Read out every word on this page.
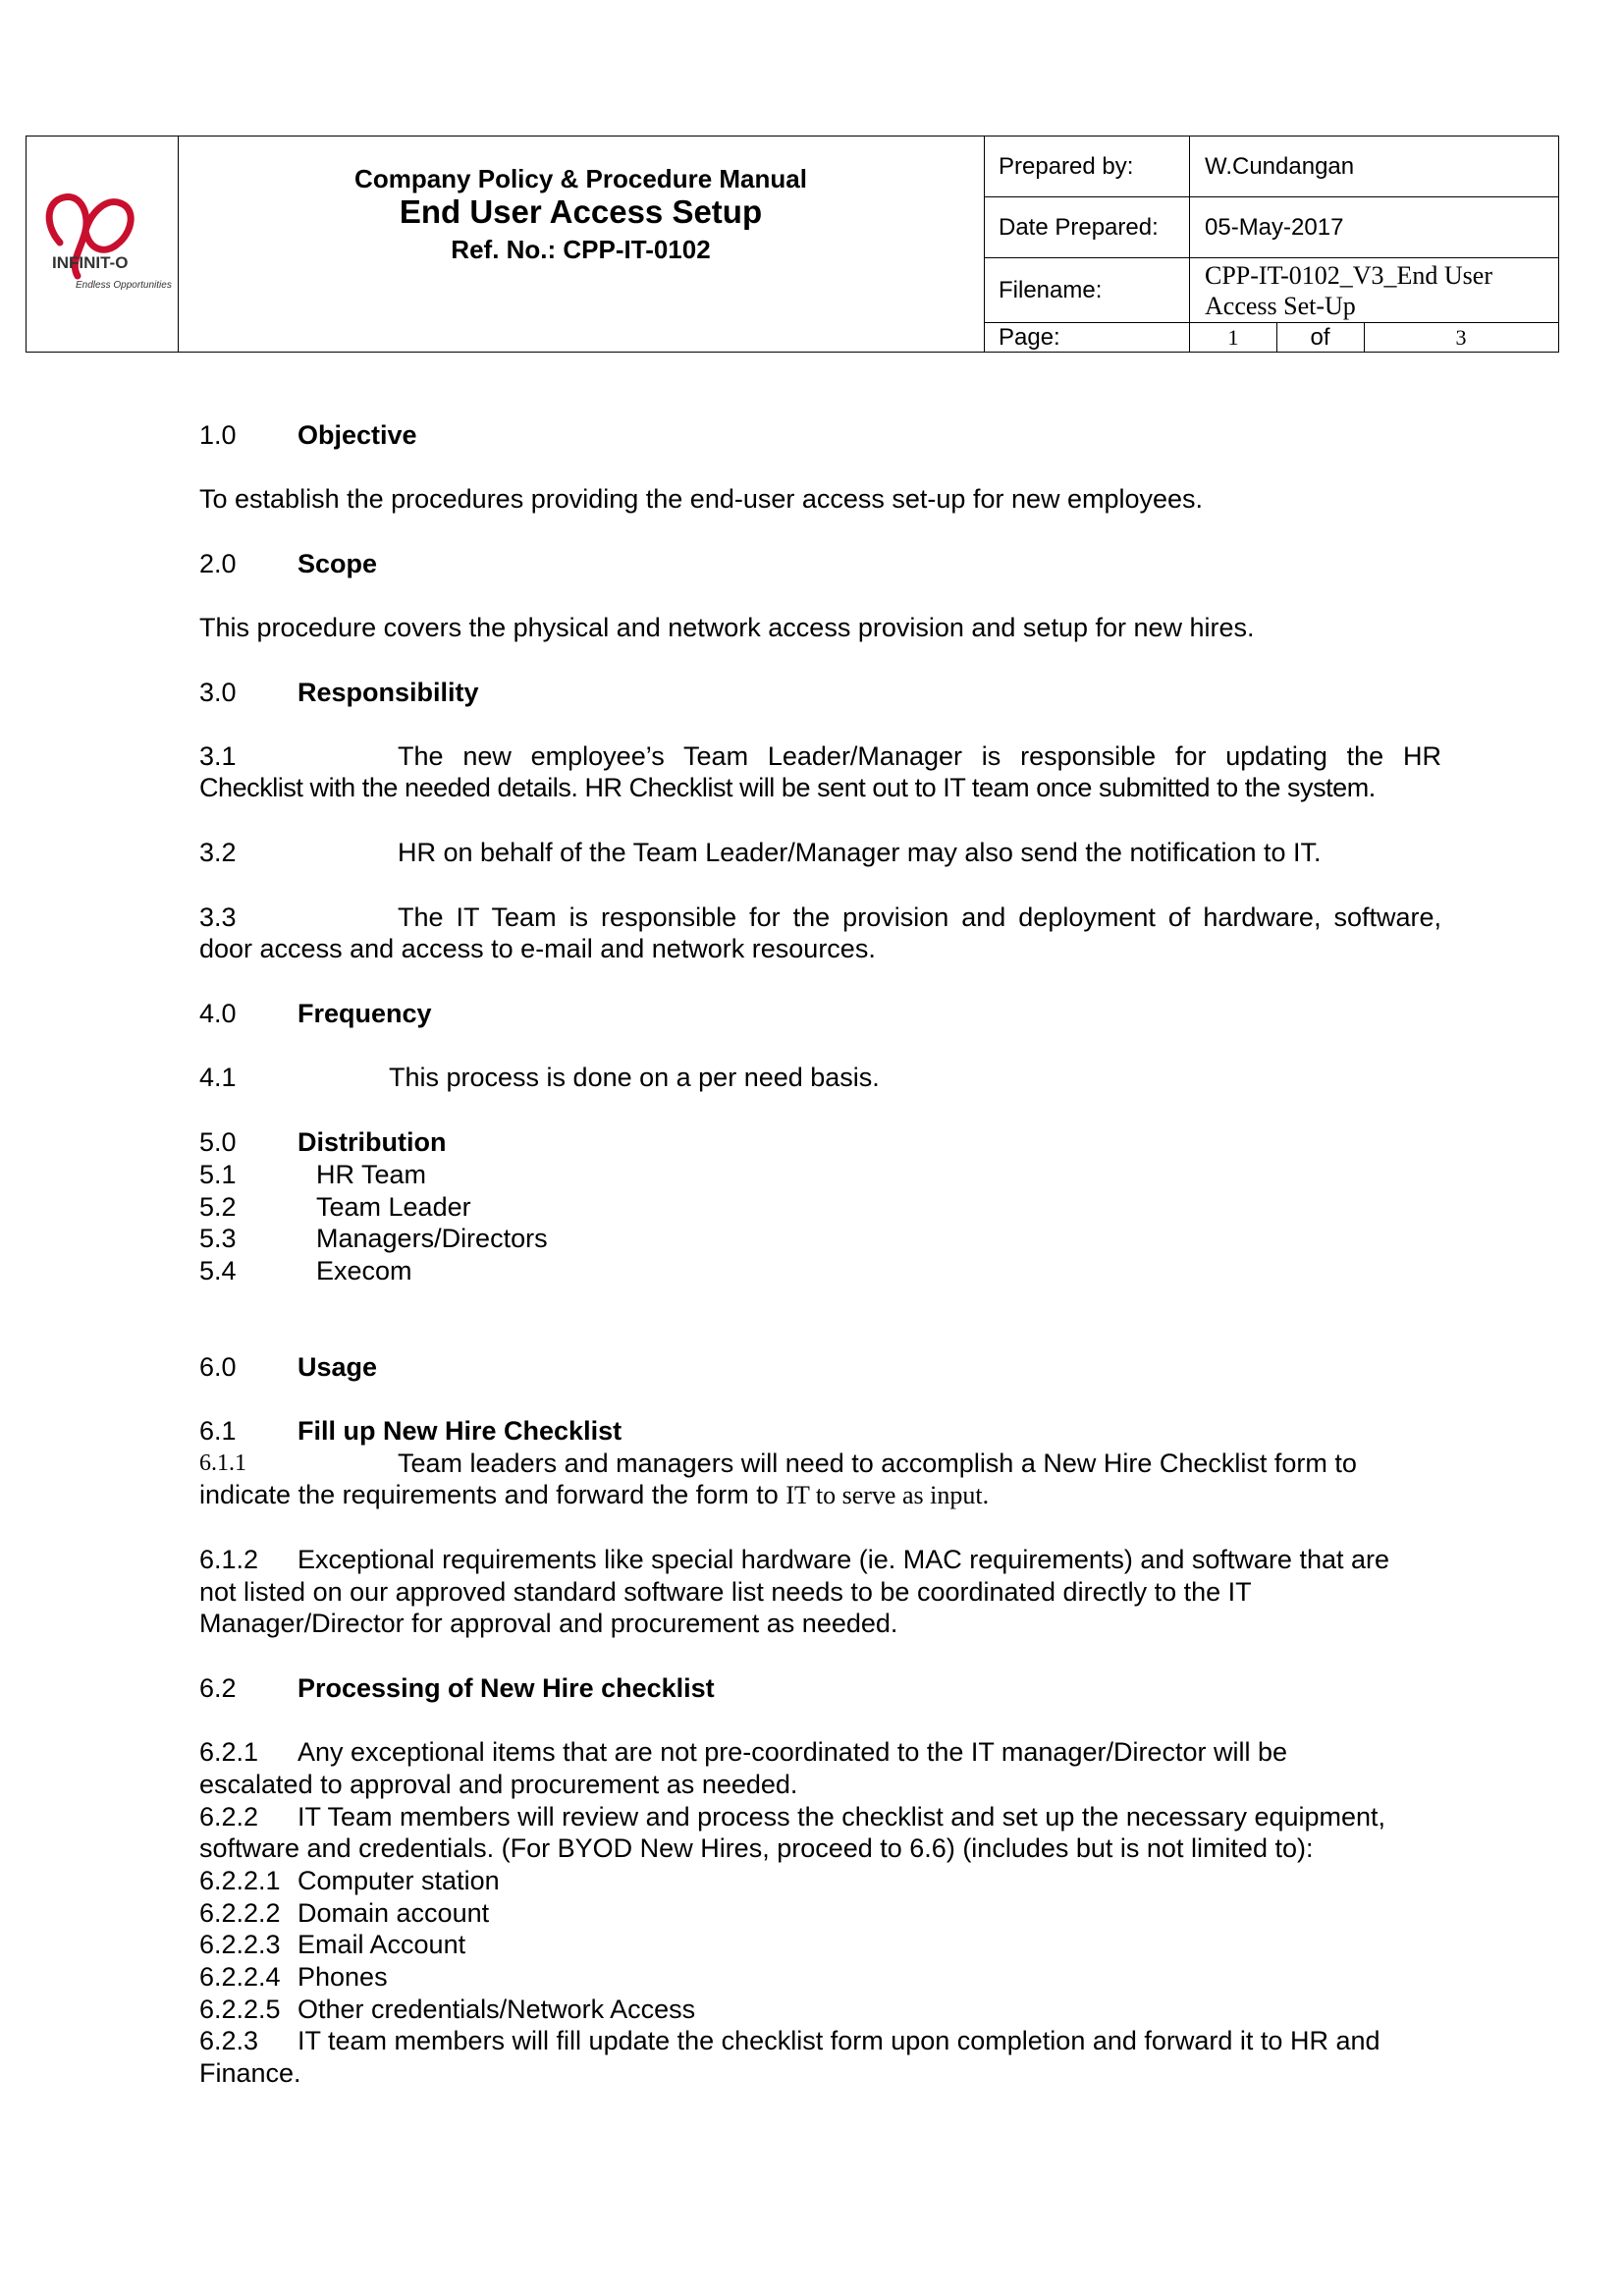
INFINIT-O
Endless Opportunities
Company Policy & Procedure Manual
End User Access Setup
Ref. No.: CPP-IT-0102
Prepared by:	W.Cundangan
Date Prepared:	05-May-2017
Filename:	CPP-IT-0102_V3_End User
Access Set-Up
Page:	1	of	3
1.0 Objective
To establish the procedures providing the end-user access set-up for new employees.
2.0 Scope
This procedure covers the physical and network access provision and setup for new hires.
3.0 Responsibility
3.1	The new employee’s Team Leader/Manager is responsible for updating the HR
Checklist with the needed details. HR Checklist will be sent out to IT team once submitted to the system.
3.2	HR on behalf of the Team Leader/Manager may also send the notification to IT.
3.3	The IT Team is responsible for the provision and deployment of hardware, software,
door access and access to e-mail and network resources.
4.0 Frequency
4.1	This process is done on a per need basis.
5.0 Distribution
5.1	HR Team
5.2	Team Leader
5.3	Managers/Directors
5.4	Execom
6.0 Usage
6.1 Fill up New Hire Checklist
6.1.1	Team leaders and managers will need to accomplish a New Hire Checklist form to
indicate the requirements and forward the form to IT to serve as input.
6.1.2 Exceptional requirements like special hardware (ie. MAC requirements) and software that are
not listed on our approved standard software list needs to be coordinated directly to the IT
Manager/Director for approval and procurement as needed.
6.2 Processing of New Hire checklist
6.2.1 Any exceptional items that are not pre-coordinated to the IT manager/Director will be
escalated to approval and procurement as needed.
6.2.2 IT Team members will review and process the checklist and set up the necessary equipment,
software and credentials. (For BYOD New Hires, proceed to 6.6) (includes but is not limited to):
6.2.2.1 Computer station
6.2.2.2 Domain account
6.2.2.3 Email Account
6.2.2.4 Phones
6.2.2.5 Other credentials/Network Access
6.2.3 IT team members will fill update the checklist form upon completion and forward it to HR and
Finance.
